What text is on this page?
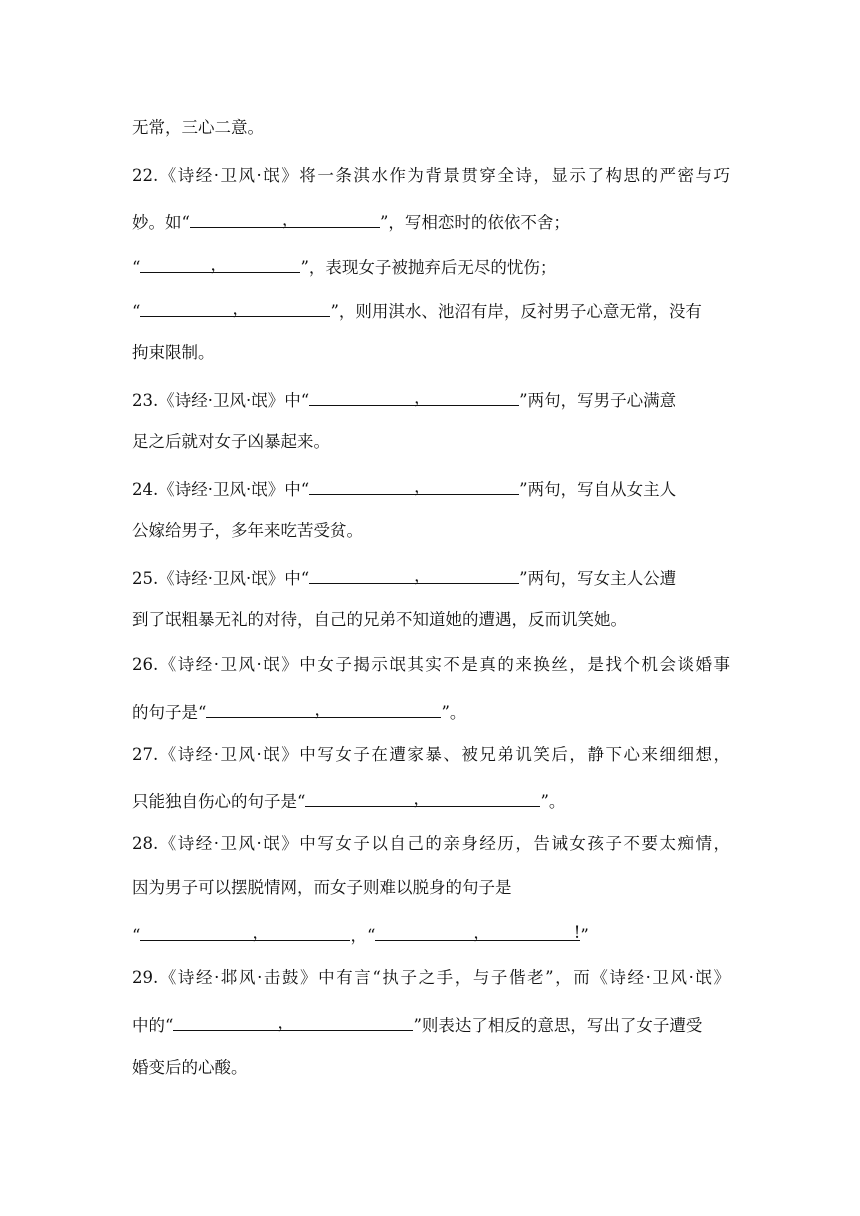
无常，三心二意。
22.《诗经·卫风·氓》将一条淇水作为背景贯穿全诗，显示了构思的严密与巧
妙。如“	，	”，写相恋时的依依不舍；
“	，	”，表现女子被抛弃后无尽的忧伤；
“	，	”，则用淇水、池沼有岸，反衬男子心意无常，没有
拘束限制。
23.《诗经·卫风·氓》中“	，	”两句，写男子心满意
足之后就对女子凶暴起来。
24.《诗经·卫风·氓》中“	，	”两句，写自从女主人
公嫁给男子，多年来吃苦受贫。
25.《诗经·卫风·氓》中“	，	”两句，写女主人公遭
到了氓粗暴无礼的对待，自己的兄弟不知道她的遭遇，反而讥笑她。
26.《诗经·卫风·氓》中女子揭示氓其实不是真的来换丝，是找个机会谈婚事
的句子是“	，	”。
27.《诗经·卫风·氓》中写女子在遭家暴、被兄弟讥笑后，静下心来细细想，
只能独自伤心的句子是“	，	”。
28.《诗经·卫风·氓》中写女子以自己的亲身经历，告诫女孩子不要太痴情，
因为男子可以摆脱情网，而女子则难以脱身的句子是
“	，	，“	，	! ”
29.《诗经·邶风·击鼓》中有言“执子之手，与子偕老”，而《诗经·卫风·氓》
中的“	，	”则表达了相反的意思，写出了女子遭受
婚变后的心酸。
